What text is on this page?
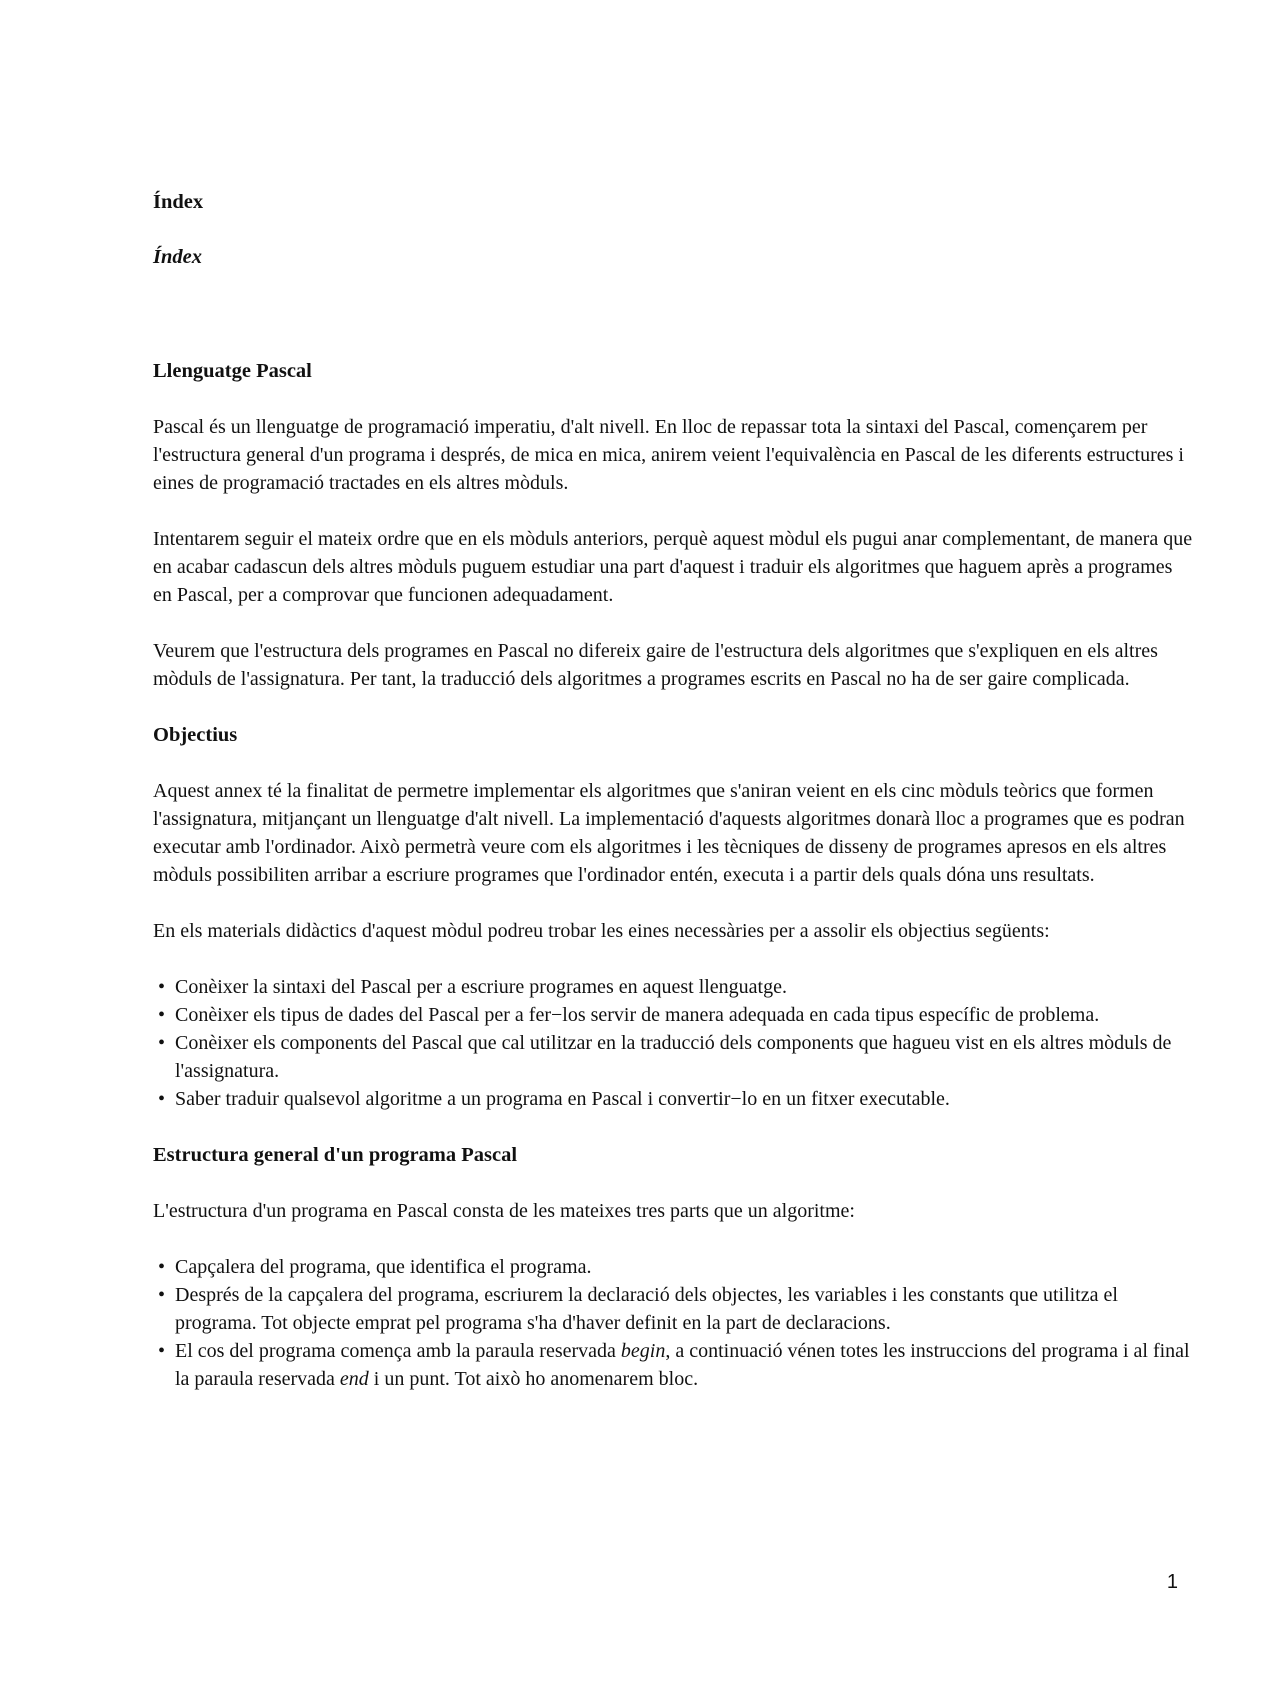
Índex
Índex
Llenguatge Pascal

Pascal és un llenguatge de programació imperatiu, d'alt nivell. En lloc de repassar tota la sintaxi del Pascal, començarem per l'estructura general d'un programa i després, de mica en mica, anirem veient l'equivalència en Pascal de les diferents estructures i eines de programació tractades en els altres mòduls.

Intentarem seguir el mateix ordre que en els mòduls anteriors, perquè aquest mòdul els pugui anar complementant, de manera que en acabar cadascun dels altres mòduls puguem estudiar una part d'aquest i traduir els algoritmes que haguem après a programes en Pascal, per a comprovar que funcionen adequadament.

Veurem que l'estructura dels programes en Pascal no difereix gaire de l'estructura dels algoritmes que s'expliquen en els altres mòduls de l'assignatura. Per tant, la traducció dels algoritmes a programes escrits en Pascal no ha de ser gaire complicada.

Objectius

Aquest annex té la finalitat de permetre implementar els algoritmes que s'aniran veient en els cinc mòduls teòrics que formen l'assignatura, mitjançant un llenguatge d'alt nivell. La implementació d'aquests algoritmes donarà lloc a programes que es podran executar amb l'ordinador. Això permetrà veure com els algoritmes i les tècniques de disseny de programes apresos en els altres mòduls possibiliten arribar a escriure programes que l'ordinador entén, executa i a partir dels quals dóna uns resultats.

En els materials didàctics d'aquest mòdul podreu trobar les eines necessàries per a assolir els objectius següents:

• Conèixer la sintaxi del Pascal per a escriure programes en aquest llenguatge.
• Conèixer els tipus de dades del Pascal per a fer−los servir de manera adequada en cada tipus específic de problema.
• Conèixer els components del Pascal que cal utilitzar en la traducció dels components que hagueu vist en els altres mòduls de l'assignatura.
• Saber traduir qualsevol algoritme a un programa en Pascal i convertir−lo en un fitxer executable.
Estructura general d'un programa Pascal

L'estructura d'un programa en Pascal consta de les mateixes tres parts que un algoritme:

• Capçalera del programa, que identifica el programa.
• Després de la capçalera del programa, escriurem la declaració dels objectes, les variables i les constants que utilitza el programa. Tot objecte emprat pel programa s'ha d'haver definit en la part de declaracions.
• El cos del programa comença amb la paraula reservada begin, a continuació vénen totes les instruccions del programa i al final la paraula reservada end i un punt. Tot això ho anomenarem bloc.
1
